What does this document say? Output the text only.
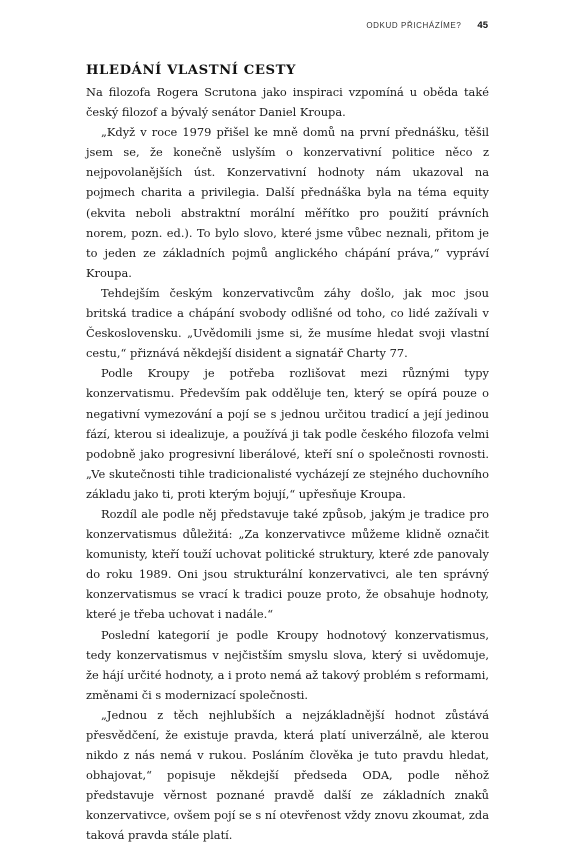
ODKUD PŘICHÁZÍME? 45
HLEDÁNÍ VLASTNÍ CESTY

Na filozofa Rogera Scrutona jako inspiraci vzpomíná u oběda také český filozof a bývalý senátor Daniel Kroupa.

„Když v roce 1979 přišel ke mně domů na první přednášku, těšil jsem se, že konečně uslyším o konzervativní politice něco z nejpovolanějších úst. Konzervativní hodnoty nám ukazoval na pojmech charita a privilegia. Další přednáška byla na téma equity (ekvita neboli abstraktní morální měřítko pro použití právních norem, pozn. ed.). To bylo slovo, které jsme vůbec neznali, přitom je to jeden ze základních pojmů anglického chápání práva,“ vypráví Kroupa.

Tehdejším českým konzervativcům záhy došlo, jak moc jsou britská tradice a chápání svobody odlišné od toho, co lidé zažívali v Československu. „Uvědomili jsme si, že musíme hledat svoji vlastní cestu,“ přiznává někdejší disident a signatář Charty 77.

Podle Kroupy je potřeba rozlišovat mezi různými typy konzervatismu. Především pak odděluje ten, který se opírá pouze o negativní vymezování a pojí se s jednou určitou tradicí a její jedinou fází, kterou si idealizuje, a používá ji tak podle českého filozofa velmi podobně jako progresivní liberálové, kteří sní o společnosti rovnosti. „Ve skutečnosti tihle tradicionalisté vycházejí ze stejného duchovního základu jako ti, proti kterým bojují,“ upřesňuje Kroupa.

Rozdíl ale podle něj představuje také způsob, jakým je tradice pro konzervatismus důležitá: „Za konzervativce můžeme klidně označit komunisty, kteří touží uchovat politické struktury, které zde panovaly do roku 1989. Oni jsou strukturální konzervativci, ale ten správný konzervatismus se vrací k tradici pouze proto, že obsahuje hodnoty, které je třeba uchovat i nadále.“

Poslední kategorií je podle Kroupy hodnotový konzervatismus, tedy konzervatismus v nejčistším smyslu slova, který si uvědomuje, že hájí určité hodnoty, a i proto nemá až takový problém s reformami, změnami či s modernizací společnosti.

„Jednou z těch nejhlubších a nejzákladnější hodnot zůstává přesvědčení, že existuje pravda, která platí univerzálně, ale kterou nikdo z nás nemá v rukou. Posláním člověka je tuto pravdu hledat, obhajovat,“ popisuje někdejší předseda ODA, podle něhož představuje věrnost poznané pravdě další ze základních znaků konzervativce, ovšem pojí se s ní otevřenost vždy znovu zkoumat, zda taková pravda stále platí.
